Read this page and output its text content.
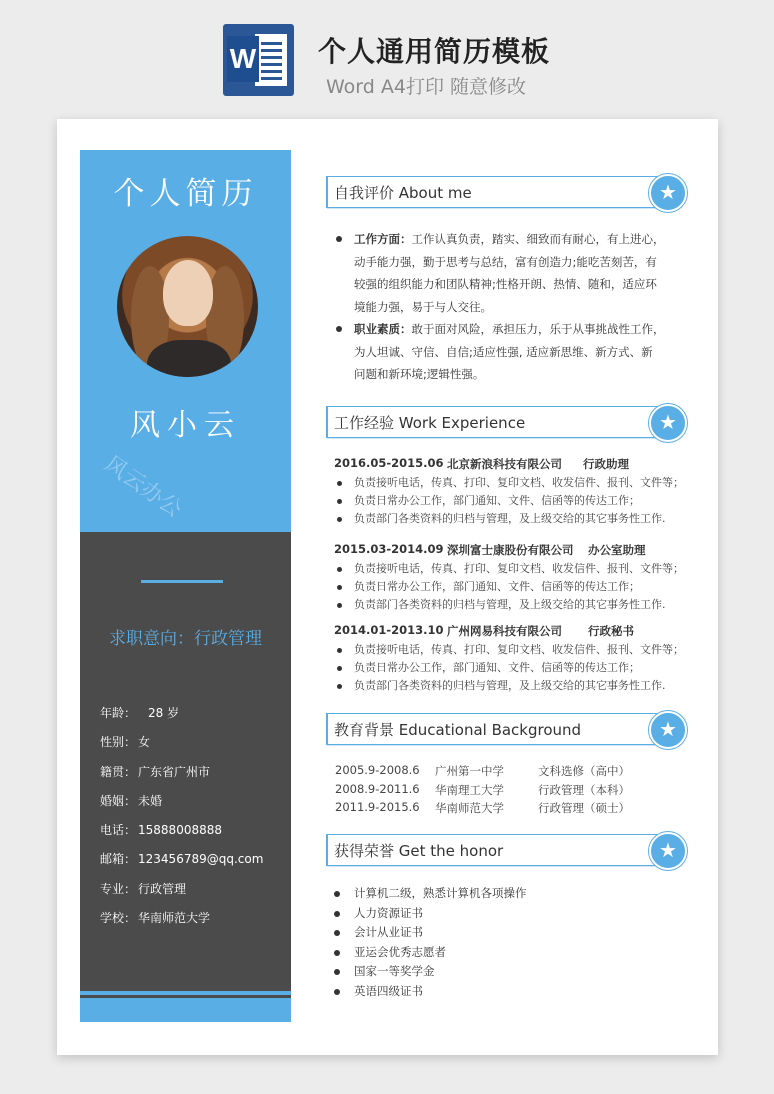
W 个人通用简历模板
Word A4打印 随意修改
个人简历
风小云
风云办公
求职意向：行政管理
年龄： 28 岁
性别： 女
籍贯： 广东省广州市
婚姻： 未婚
电话： 15888008888
邮箱： 123456789@qq.com
专业： 行政管理
学校： 华南师范大学
自我评价 About me	★
工作方面：工作认真负责，踏实、细致而有耐心，有上进心，
动手能力强，勤于思考与总结，富有创造力;能吃苦刻苦，有
较强的组织能力和团队精神;性格开朗、热情、随和，适应环
境能力强，易于与人交往。
职业素质：敢于面对风险，承担压力，乐于从事挑战性工作，
为人坦诚、守信、自信;适应性强, 适应新思维、新方式、新
问题和新环境;逻辑性强。
工作经验 Work Experience	★
2016.05-2015.06 北京新浪科技有限公司 行政助理
负责接听电话，传真、打印、复印文档、收发信件、报刊、文件等；
负责日常办公工作，部门通知、文件、信函等的传达工作；
负责部门各类资料的归档与管理，及上级交给的其它事务性工作.
2015.03-2014.09 深圳富士康股份有限公司 办公室助理
负责接听电话，传真、打印、复印文档、收发信件、报刊、文件等；
负责日常办公工作，部门通知、文件、信函等的传达工作；
负责部门各类资料的归档与管理，及上级交给的其它事务性工作.
2014.01-2013.10 广州网易科技有限公司 行政秘书
负责接听电话，传真、打印、复印文档、收发信件、报刊、文件等；
负责日常办公工作，部门通知、文件、信函等的传达工作；
负责部门各类资料的归档与管理，及上级交给的其它事务性工作.
教育背景 Educational Background	★
2005.9-2008.6 广州第一中学	文科选修（高中）
2008.9-2011.6 华南理工大学	行政管理（本科）
2011.9-2015.6 华南师范大学	行政管理（硕士）
获得荣誉 Get the honor	★
计算机二级，熟悉计算机各项操作
人力资源证书
会计从业证书
亚运会优秀志愿者
国家一等奖学金
英语四级证书
